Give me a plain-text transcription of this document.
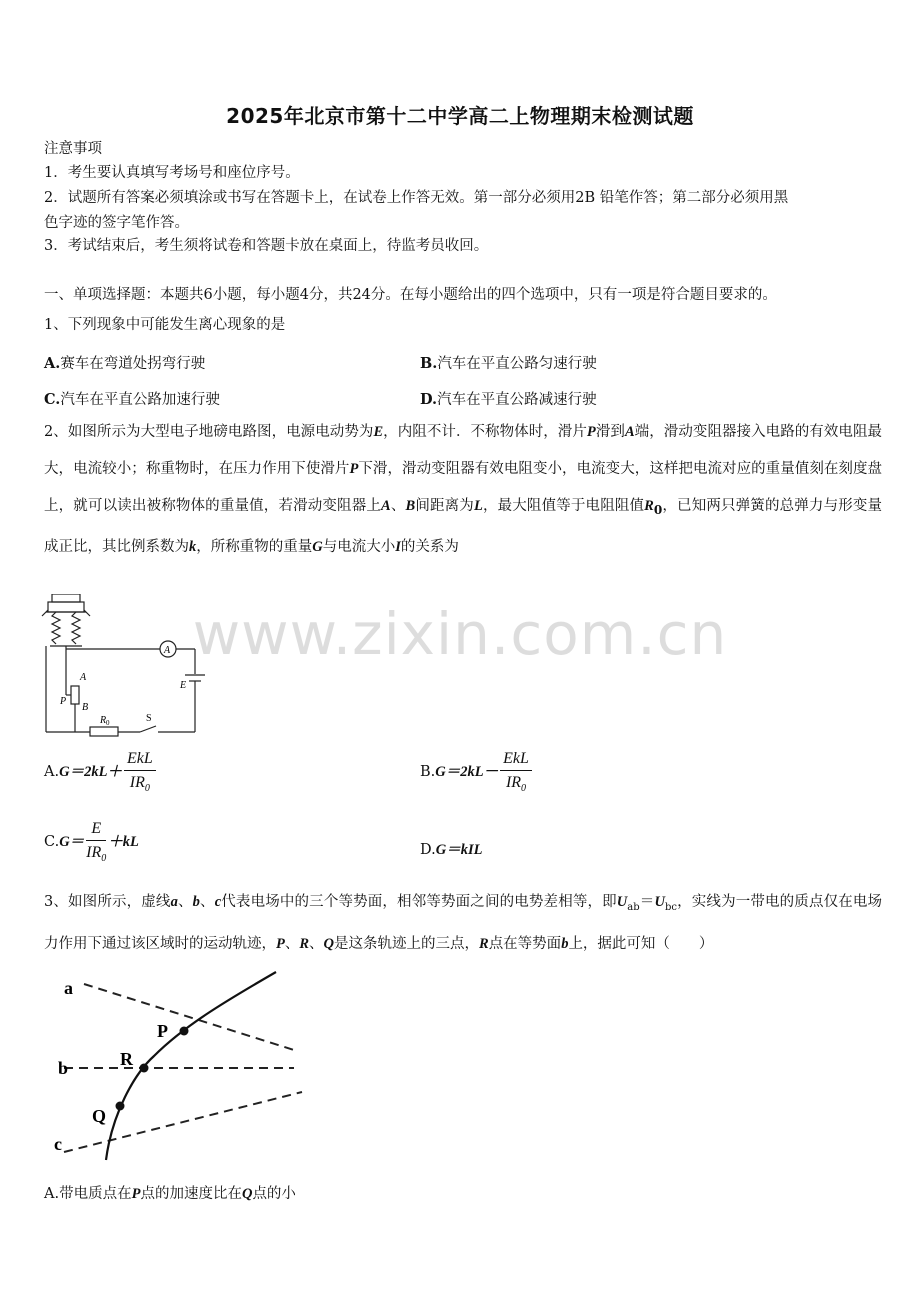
2025年北京市第十二中学高二上物理期末检测试题
注意事项
1．考生要认真填写考场号和座位序号。
2．试题所有答案必须填涂或书写在答题卡上，在试卷上作答无效。第一部分必须用2B 铅笔作答；第二部分必须用黑
色字迹的签字笔作答。
3．考试结束后，考生须将试卷和答题卡放在桌面上，待监考员收回。
一、单项选择题：本题共6小题，每小题4分，共24分。在每小题给出的四个选项中，只有一项是符合题目要求的。
1、下列现象中可能发生离心现象的是
A.赛车在弯道处拐弯行驶	B.汽车在平直公路匀速行驶
C.汽车在平直公路加速行驶	D.汽车在平直公路减速行驶
2、如图所示为大型电子地磅电路图，电源电动势为E，内阻不计．不称物体时，滑片P滑到A端，滑动变阻器接入电路的有效电阻最大，电流较小；称重物时，在压力作用下使滑片P下滑，滑动变阻器有效电阻变小，电流变大，这样把电流对应的重量值刻在刻度盘上，就可以读出被称物体的重量值，若滑动变阻器上A、B间距离为L，最大阻值等于电阻阻值$R_0$，已知两只弹簧的总弹力与形变量成正比，其比例系数为k，所称重物的重量G与电流大小I的关系为
A
A
P
B
E
R 0	S
$A.G=2kL+ \frac{\text{EkL}}{IR_0}$	$B.G=2kL- \frac{\text{EkL}}{IR_0}$
$C.G= \frac{E}{IR_0} +kL$	D.G＝kIL
3、如图所示，虚线a、b、c代表电场中的三个等势面，相邻等势面之间的电势差相等，即$U_{ab}=U_{bc}$，实线为一带电的质点仅在电场力作用下通过该区域时的运动轨迹，P、R、Q是这条轨迹上的三点，R点在等势面b上，据此可知（　　）
a
b
c
P
R
Q
A.带电质点在P点的加速度比在Q点的小
www.zixin.com.cn
